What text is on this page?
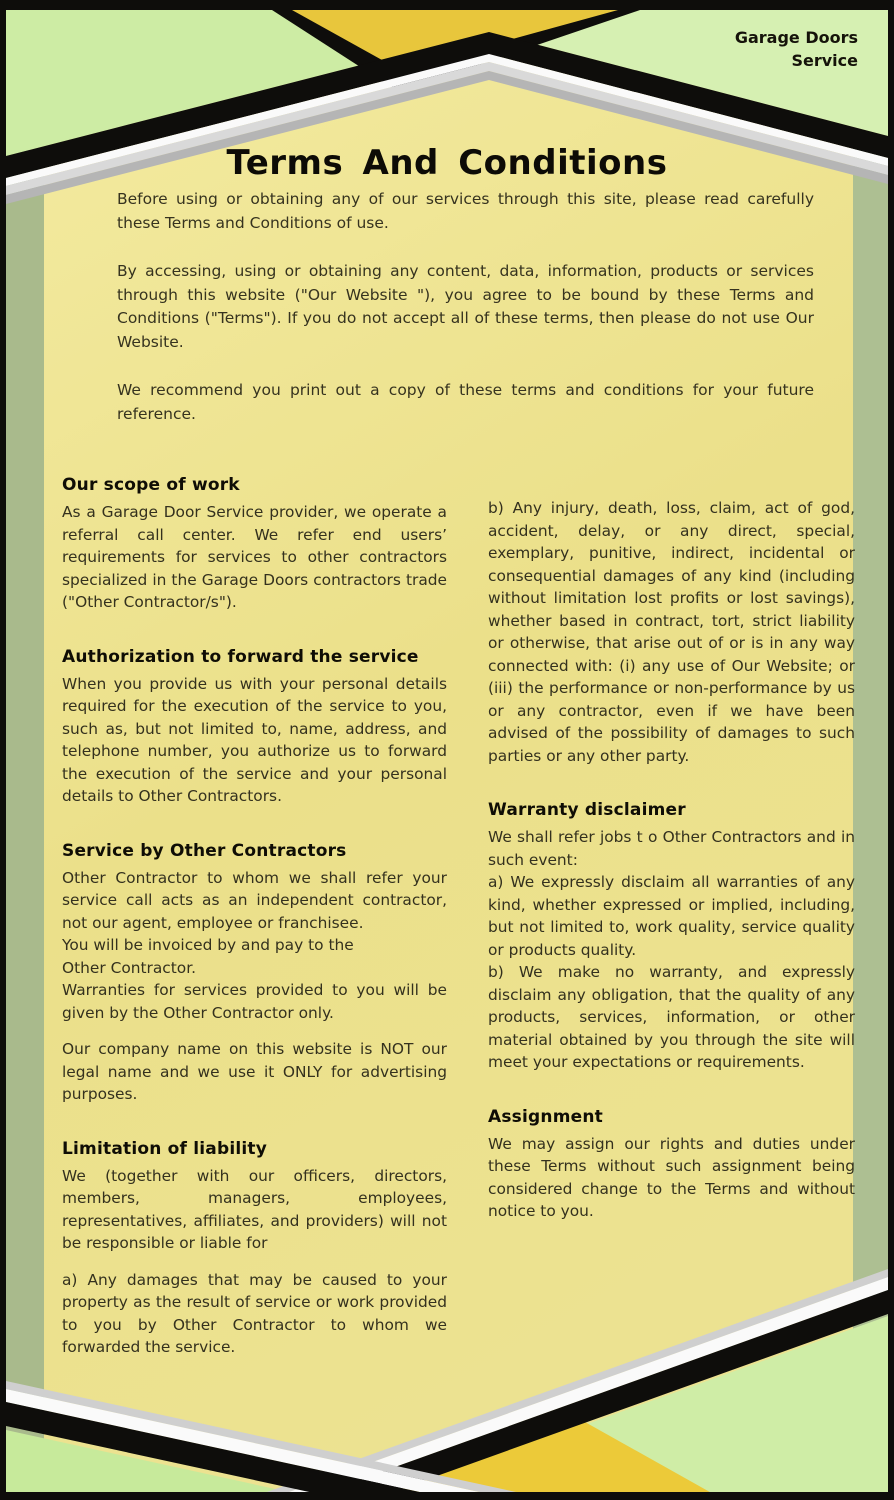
Garage Doors
Service
Terms And Conditions

Before using or obtaining any of our services through this site, please read carefully these Terms and Conditions of use.

By accessing, using or obtaining any content, data, information, products or services through this website ("Our Website "), you agree to be bound by these Terms and Conditions ("Terms"). If you do not accept all of these terms, then please do not use Our Website.

We recommend you print out a copy of these terms and conditions for your future reference.

Our scope of work

As a Garage Door Service provider, we operate a referral call center. We refer end users’ requirements for services to other contractors specialized in the Garage Doors contractors trade ("Other Contractor/s").

Authorization to forward the service

When you provide us with your personal details required for the execution of the service to you, such as, but not limited to, name, address, and telephone number, you authorize us to forward the execution of the service and your personal details to Other Contractors.

Service by Other Contractors

Other Contractor to whom we shall refer your service call acts as an independent contractor, not our agent, employee or franchisee.
You will be invoiced by and pay to the
Other Contractor.
Warranties for services provided to you will be given by the Other Contractor only.

Our company name on this website is NOT our legal name and we use it ONLY for advertising purposes.

Limitation of liability

We (together with our officers, directors, members, managers, employees, representatives, affiliates, and providers) will not be responsible or liable for

a) Any damages that may be caused to your property as the result of service or work provided to you by Other Contractor to whom we forwarded the service.

b) Any injury, death, loss, claim, act of god, accident, delay, or any direct, special, exemplary, punitive, indirect, incidental or consequential damages of any kind (including without limitation lost profits or lost savings), whether based in contract, tort, strict liability or otherwise, that arise out of or is in any way connected with: (i) any use of Our Website; or (iii) the performance or non-performance by us or any contractor, even if we have been advised of the possibility of damages to such parties or any other party.

Warranty disclaimer

We shall refer jobs t o Other Contractors and in such event:
a) We expressly disclaim all warranties of any kind, whether expressed or implied, including, but not limited to, work quality, service quality or products quality.
b) We make no warranty, and expressly disclaim any obligation, that the quality of any products, services, information, or other material obtained by you through the site will meet your expectations or requirements.

Assignment

We may assign our rights and duties under these Terms without such assignment being considered change to the Terms and without notice to you.
